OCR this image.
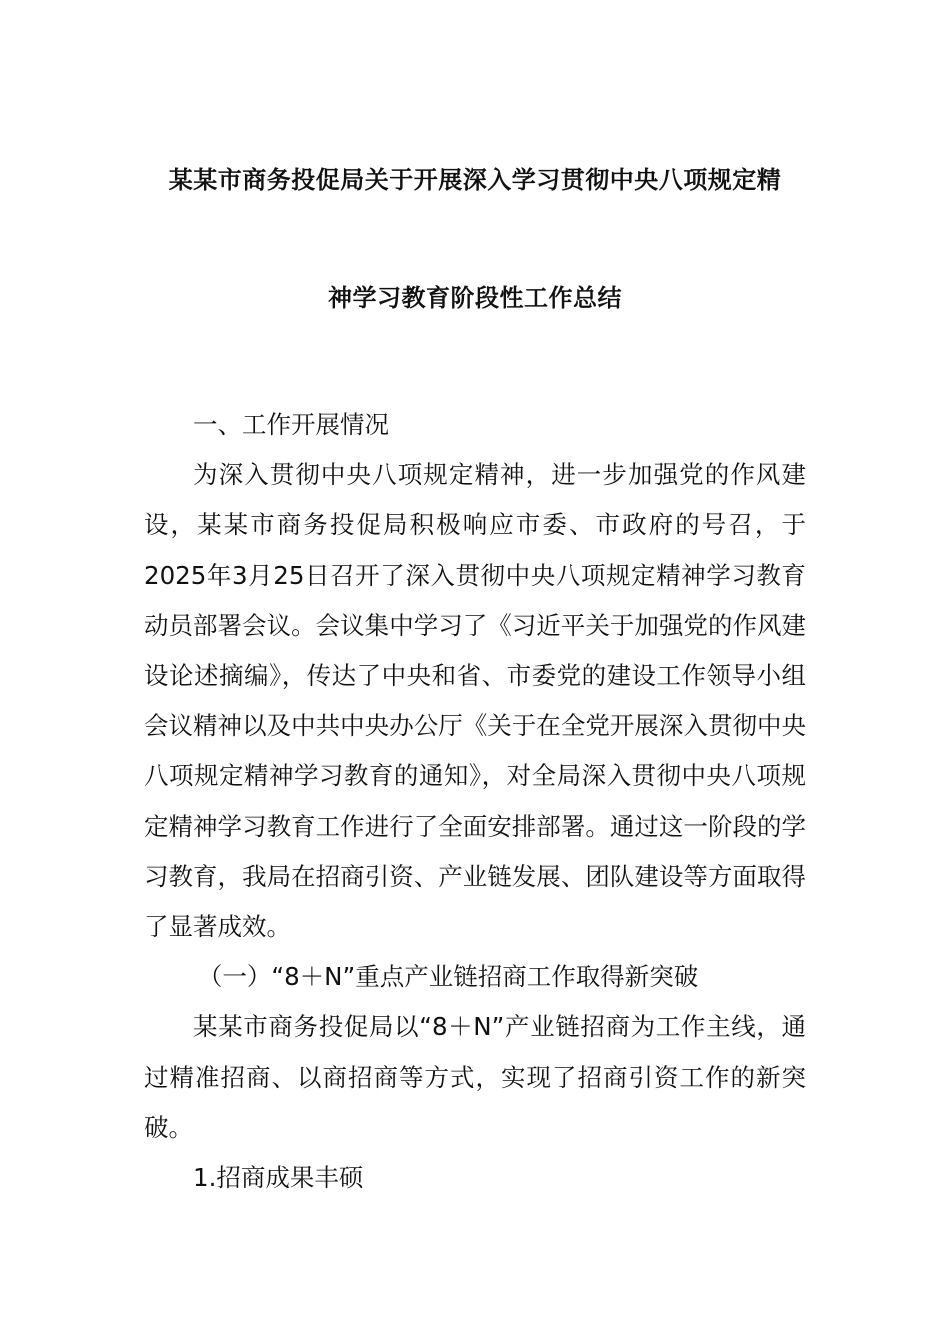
某某市商务投促局关于开展深入学习贯彻中央八项规定精
神学习教育阶段性工作总结

一、工作开展情况

为深入贯彻中央八项规定精神，进一步加强党的作风建设，某某市商务投促局积极响应市委、市政府的号召，于2025年3月25日召开了深入贯彻中央八项规定精神学习教育动员部署会议。会议集中学习了《习近平关于加强党的作风建设论述摘编》，传达了中央和省、市委党的建设工作领导小组会议精神以及中共中央办公厅《关于在全党开展深入贯彻中央八项规定精神学习教育的通知》，对全局深入贯彻中央八项规定精神学习教育工作进行了全面安排部署。通过这一阶段的学习教育，我局在招商引资、产业链发展、团队建设等方面取得了显著成效。

（一）“8＋N”重点产业链招商工作取得新突破

某某市商务投促局以“8＋N”产业链招商为工作主线，通过精准招商、以商招商等方式，实现了招商引资工作的新突破。

1.招商成果丰硕
